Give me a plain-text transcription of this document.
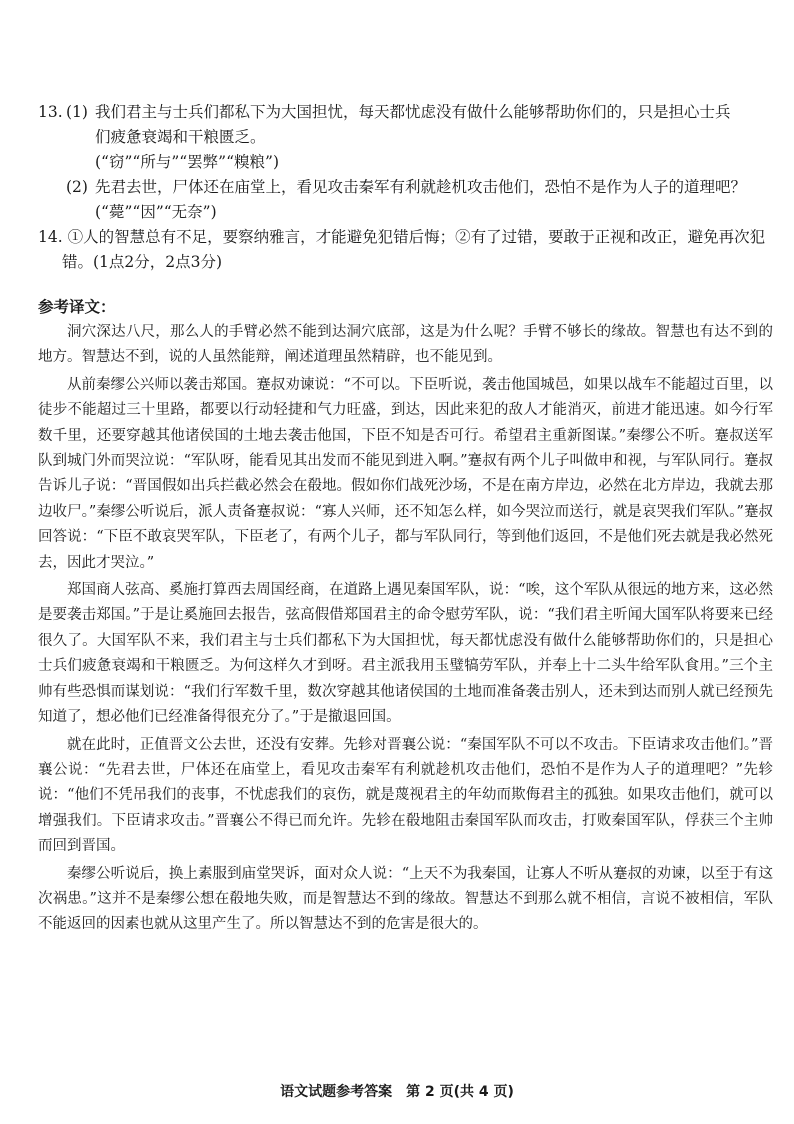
13. (1) 我们君主与士兵们都私下为大国担忧，每天都忧虑没有做什么能够帮助你们的，只是担心士兵
们疲惫衰竭和干粮匮乏。
(“窃”“所与”“罢弊”“糗粮”)
(2) 先君去世，尸体还在庙堂上，看见攻击秦军有利就趁机攻击他们，恐怕不是作为人子的道理吧？
(“薨”“因”“无奈”)
14. ①人的智慧总有不足，要察纳雅言，才能避免犯错后悔；②有了过错，要敢于正视和改正，避免再次犯错。(1点2分，2点3分)
参考译文：

洞穴深达八尺，那么人的手臂必然不能到达洞穴底部，这是为什么呢？手臂不够长的缘故。智慧也有达不到的地方。智慧达不到，说的人虽然能辩，阐述道理虽然精辟，也不能见到。

从前秦缪公兴师以袭击郑国。蹇叔劝谏说：“不可以。下臣听说，袭击他国城邑，如果以战车不能超过百里，以徒步不能超过三十里路，都要以行动轻捷和气力旺盛，到达，因此来犯的敌人才能消灭，前进才能迅速。如今行军数千里，还要穿越其他诸侯国的土地去袭击他国，下臣不知是否可行。希望君主重新图谋。”秦缪公不听。蹇叔送军队到城门外而哭泣说：“军队呀，能看见其出发而不能见到进入啊。”蹇叔有两个儿子叫做申和视，与军队同行。蹇叔告诉儿子说：“晋国假如出兵拦截必然会在殽地。假如你们战死沙场，不是在南方岸边，必然在北方岸边，我就去那边收尸。”秦缪公听说后，派人责备蹇叔说：“寡人兴师，还不知怎么样，如今哭泣而送行，就是哀哭我们军队。”蹇叔回答说：“下臣不敢哀哭军队，下臣老了，有两个儿子，都与军队同行，等到他们返回，不是他们死去就是我必然死去，因此才哭泣。”

郑国商人弦高、奚施打算西去周国经商，在道路上遇见秦国军队，说：“唉，这个军队从很远的地方来，这必然是要袭击郑国。”于是让奚施回去报告，弦高假借郑国君主的命令慰劳军队，说：“我们君主听闻大国军队将要来已经很久了。大国军队不来，我们君主与士兵们都私下为大国担忧，每天都忧虑没有做什么能够帮助你们的，只是担心士兵们疲惫衰竭和干粮匮乏。为何这样久才到呀。君主派我用玉璧犒劳军队，并奉上十二头牛给军队食用。”三个主帅有些恐惧而谋划说：“我们行军数千里，数次穿越其他诸侯国的土地而准备袭击别人，还未到达而别人就已经预先知道了，想必他们已经准备得很充分了。”于是撤退回国。

就在此时，正值晋文公去世，还没有安葬。先轸对晋襄公说：“秦国军队不可以不攻击。下臣请求攻击他们。”晋襄公说：“先君去世，尸体还在庙堂上，看见攻击秦军有利就趁机攻击他们，恐怕不是作为人子的道理吧？”先轸说：“他们不凭吊我们的丧事，不忧虑我们的哀伤，就是蔑视君主的年幼而欺侮君主的孤独。如果攻击他们，就可以增强我们。下臣请求攻击。”晋襄公不得已而允许。先轸在殽地阻击秦国军队而攻击，打败秦国军队，俘获三个主帅而回到晋国。

秦缪公听说后，换上素服到庙堂哭诉，面对众人说：“上天不为我秦国，让寡人不听从蹇叔的劝谏，以至于有这次祸患。”这并不是秦缪公想在殽地失败，而是智慧达不到的缘故。智慧达不到那么就不相信，言说不被相信，军队不能返回的因素也就从这里产生了。所以智慧达不到的危害是很大的。

语文试题参考答案　第 2 页(共 4 页)
